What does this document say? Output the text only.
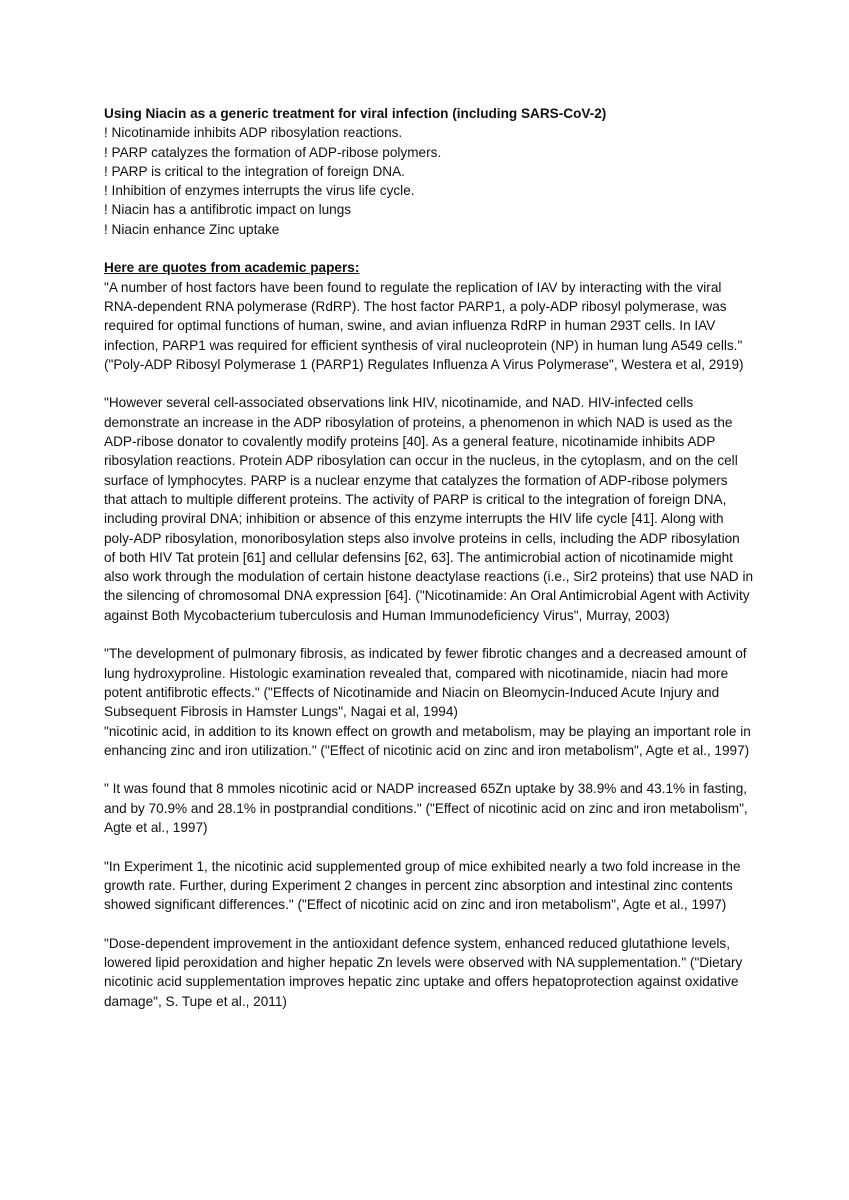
Using Niacin as a generic treatment for viral infection (including SARS-CoV-2)

! Nicotinamide inhibits ADP ribosylation reactions.

! PARP catalyzes the formation of ADP-ribose polymers.

! PARP is critical to the integration of foreign DNA.

! Inhibition of enzymes interrupts the virus life cycle.

! Niacin has a antifibrotic impact on lungs

! Niacin enhance Zinc uptake

Here are quotes from academic papers:

"A number of host factors have been found to regulate the replication of IAV by interacting with the viral RNA-dependent RNA polymerase (RdRP). The host factor PARP1, a poly-ADP ribosyl polymerase, was required for optimal functions of human, swine, and avian influenza RdRP in human 293T cells. In IAV infection, PARP1 was required for efficient synthesis of viral nucleoprotein (NP) in human lung A549 cells." ("Poly-ADP Ribosyl Polymerase 1 (PARP1) Regulates Influenza A Virus Polymerase", Westera et al, 2919)

"However several cell-associated observations link HIV, nicotinamide, and NAD. HIV-infected cells demonstrate an increase in the ADP ribosylation of proteins, a phenomenon in which NAD is used as the ADP-ribose donator to covalently modify proteins [40]. As a general feature, nicotinamide inhibits ADP ribosylation reactions. Protein ADP ribosylation can occur in the nucleus, in the cytoplasm, and on the cell surface of lymphocytes. PARP is a nuclear enzyme that catalyzes the formation of ADP-ribose polymers that attach to multiple different proteins. The activity of PARP is critical to the integration of foreign DNA, including proviral DNA; inhibition or absence of this enzyme interrupts the HIV life cycle [41]. Along with poly-ADP ribosylation, monoribosylation steps also involve proteins in cells, including the ADP ribosylation of both HIV Tat protein [61] and cellular defensins [62, 63]. The antimicrobial action of nicotinamide might also work through the modulation of certain histone deactylase reactions (i.e., Sir2 proteins) that use NAD in the silencing of chromosomal DNA expression [64]. ("Nicotinamide: An Oral Antimicrobial Agent with Activity against Both Mycobacterium tuberculosis and Human Immunodeficiency Virus", Murray, 2003)

"The development of pulmonary fibrosis, as indicated by fewer fibrotic changes and a decreased amount of lung hydroxyproline. Histologic examination revealed that, compared with nicotinamide, niacin had more potent antifibrotic effects." ("Effects of Nicotinamide and Niacin on Bleomycin-Induced Acute Injury and Subsequent Fibrosis in Hamster Lungs", Nagai et al, 1994)

"nicotinic acid, in addition to its known effect on growth and metabolism, may be playing an important role in enhancing zinc and iron utilization." ("Effect of nicotinic acid on zinc and iron metabolism", Agte et al., 1997)

" It was found that 8 mmoles nicotinic acid or NADP increased 65Zn uptake by 38.9% and 43.1% in fasting, and by 70.9% and 28.1% in postprandial conditions." ("Effect of nicotinic acid on zinc and iron metabolism", Agte et al., 1997)

"In Experiment 1, the nicotinic acid supplemented group of mice exhibited nearly a two fold increase in the growth rate. Further, during Experiment 2 changes in percent zinc absorption and intestinal zinc contents showed significant differences." ("Effect of nicotinic acid on zinc and iron metabolism", Agte et al., 1997)

"Dose-dependent improvement in the antioxidant defence system, enhanced reduced glutathione levels, lowered lipid peroxidation and higher hepatic Zn levels were observed with NA supplementation." ("Dietary nicotinic acid supplementation improves hepatic zinc uptake and offers hepatoprotection against oxidative damage", S. Tupe et al., 2011)
